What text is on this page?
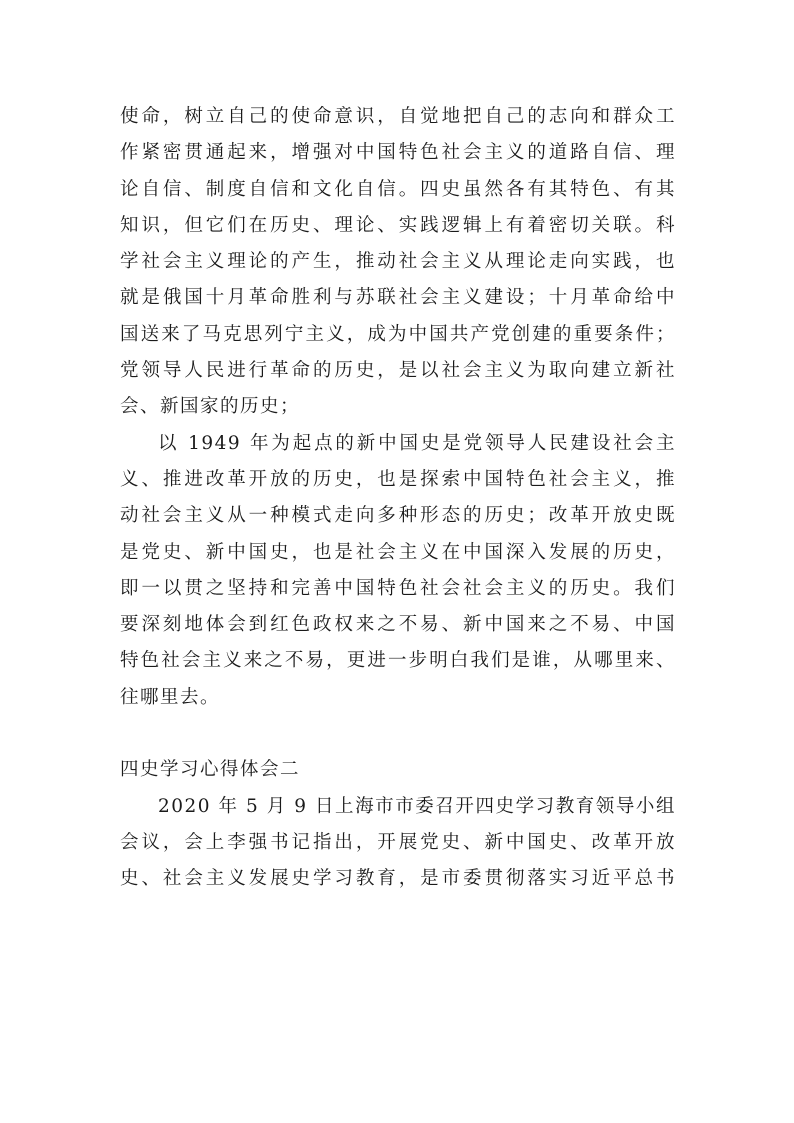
使命，树立自己的使命意识，自觉地把自己的志向和群众工
作紧密贯通起来，增强对中国特色社会主义的道路自信、理
论自信、制度自信和文化自信。四史虽然各有其特色、有其
知识，但它们在历史、理论、实践逻辑上有着密切关联。科
学社会主义理论的产生，推动社会主义从理论走向实践，也
就是俄国十月革命胜利与苏联社会主义建设；十月革命给中
国送来了马克思列宁主义，成为中国共产党创建的重要条件；
党领导人民进行革命的历史，是以社会主义为取向建立新社
会、新国家的历史；
以 1949 年为起点的新中国史是党领导人民建设社会主
义、推进改革开放的历史，也是探索中国特色社会主义，推
动社会主义从一种模式走向多种形态的历史；改革开放史既
是党史、新中国史，也是社会主义在中国深入发展的历史，
即一以贯之坚持和完善中国特色社会社会主义的历史。我们
要深刻地体会到红色政权来之不易、新中国来之不易、中国
特色社会主义来之不易，更进一步明白我们是谁，从哪里来、
往哪里去。
四史学习心得体会二
2020 年 5 月 9 日上海市市委召开四史学习教育领导小组
会议，会上李强书记指出，开展党史、新中国史、改革开放
史、社会主义发展史学习教育，是市委贯彻落实习近平总书
